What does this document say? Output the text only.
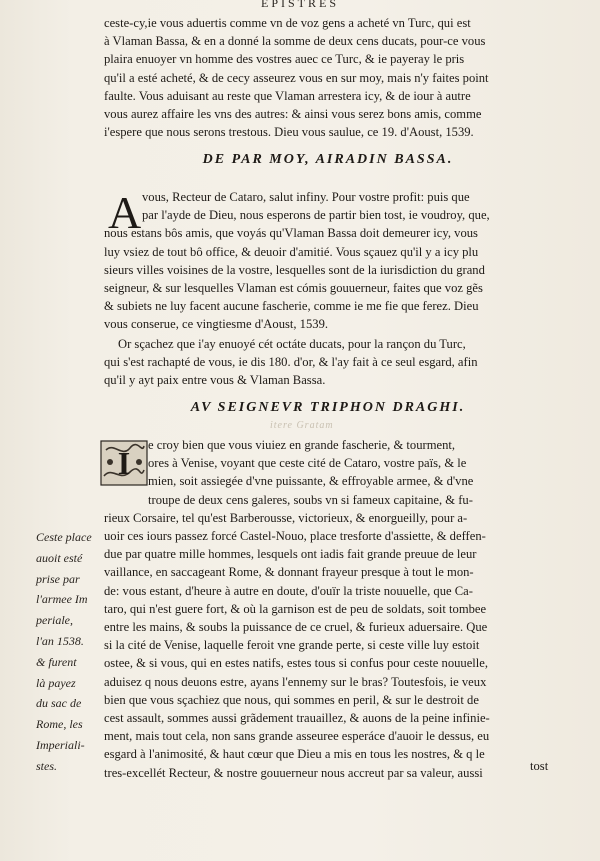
EPISTRES

ceste-cy,ie vous aduertis comme vn de voz gens a acheté vn Turc, qui est

à Vlaman Bassa, & en a donné la somme de deux cens ducats, pour-ce vous

plaira enuoyer vn homme des vostres auec ce Turc, & ie payeray le pris

qu'il a esté acheté, & de cecy asseurez vous en sur moy, mais n'y faites point

faulte. Vous aduisant au reste que Vlaman arrestera icy, & de iour à autre

vous aurez affaire les vns des autres: & ainsi vous serez bons amis, comme

i'espere que nous serons trestous. Dieu vous saulue, ce 19. d'Aoust, 1539.

DE PAR MOY, AIRADIN BASSA.
A vous, Recteur de Cataro, salut infiny. Pour vostre profit: puis que

par l'ayde de Dieu, nous esperons de partir bien tost, ie voudroy, que,

nous estans bôs amis, que voyás qu'Vlaman Bassa doit demeurer icy, vous

luy vsiez de tout bô office, & deuoir d'amitié. Vous sçauez qu'il y a icy plu

sieurs villes voisines de la vostre, lesquelles sont de la iurisdiction du grand

seigneur, & sur lesquelles Vlaman est cómis gouuerneur, faites que voz gẽs

& subiets ne luy facent aucune fascherie, comme ie me fie que ferez. Dieu

vous conserue, ce vingtiesme d'Aoust, 1539.

Or sçachez que i'ay enuoyé cét octáte ducats, pour la rançon du Turc,

qui s'est rachapté de vous, ie dis 180. d'or, & l'ay fait à ce seul esgard, afin

qu'il y ayt paix entre vous & Vlaman Bassa.

AV SEIGNEVR TRIPHON DRAGHI.
itere Gratam
I	e croy bien que vous viuiez en grande fascherie, & tourment,

ores à Venise, voyant que ceste cité de Cataro, vostre païs, & le

mien, soit assiegée d'vne puissante, & effroyable armee, & d'vne

troupe de deux cens galeres, soubs vn si fameux capitaine, & fu-

rieux Corsaire, tel qu'est Barberousse, victorieux, & enorgueilly, pour a-

uoir ces iours passez forcé Castel-Nouo, place tresforte d'assiette, & deffen-

due par quatre mille hommes, lesquels ont iadis fait grande preuue de leur

vaillance, en saccageant Rome, & donnant frayeur presque à tout le mon-

de: vous estant, d'heure à autre en doute, d'ouïr la triste nouuelle, que Ca-

taro, qui n'est guere fort, & où la garnison est de peu de soldats, soit tombee

entre les mains, & soubs la puissance de ce cruel, & furieux aduersaire. Que

si la cité de Venise, laquelle feroit vne grande perte, si ceste ville luy estoit

ostee, & si vous, qui en estes natifs, estes tous si confus pour ceste nouuelle,

aduisez q nous deuons estre, ayans l'ennemy sur le bras? Toutesfois, ie veux

bien que vous sçachiez que nous, qui sommes en peril, & sur le destroit de

cest assault, sommes aussi grãdement trauaillez, & auons de la peine infinie-

ment, mais tout cela, non sans grande asseuree esperáce d'auoir le dessus, eu

esgard à l'animosité, & haut cœur que Dieu a mis en tous les nostres, & q le

tres-excellét Recteur, & nostre gouuerneur nous accreut par sa valeur, aussi

Ceste place
auoit esté
prise par
l'armee Im
periale,
l'an 1538.
& furent
là payez
du sac de
Rome, les
Imperiali-
stes.	tost
